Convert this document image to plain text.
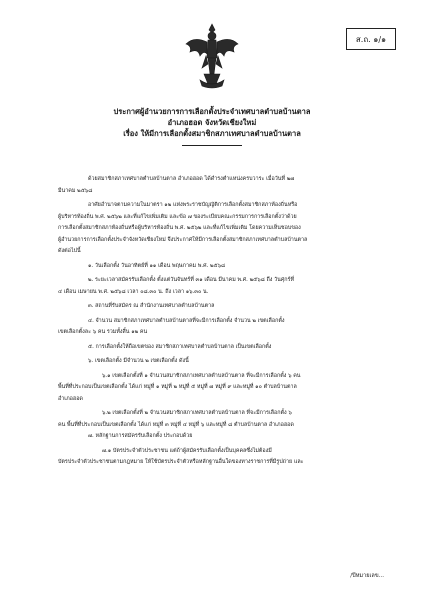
ส.ถ. ๑/๑
ประกาศผู้อำนวยการการเลือกตั้งประจำเทศบาลตำบลบ้านตาล
อำเภอฮอด จังหวัดเชียงใหม่
เรื่อง ให้มีการเลือกตั้งสมาชิกสภาเทศบาลตำบลบ้านตาล

ด้วยสมาชิกสภาเทศบาลตำบลบ้านตาล อำเภอฮอด ได้ดำรงตำแหน่งครบวาระ เมื่อวันที่ ๒๗

มีนาคม ๒๕๖๘

อาศัยอำนาจตามความในมาตรา ๑๒ แห่งพระราชบัญญัติการเลือกตั้งสมาชิกสภาท้องถิ่นหรือ

ผู้บริหารท้องถิ่น พ.ศ. ๒๕๖๒ และที่แก้ไขเพิ่มเติม และข้อ ๗ ของระเบียบคณะกรรมการการเลือกตั้งว่าด้วย

การเลือกตั้งสมาชิกสภาท้องถิ่นหรือผู้บริหารท้องถิ่น พ.ศ. ๒๕๖๒ และที่แก้ไขเพิ่มเติม โดยความเห็นชอบของ

ผู้อำนวยการการเลือกตั้งประจำจังหวัดเชียงใหม่ จึงประกาศให้มีการเลือกตั้งสมาชิกสภาเทศบาลตำบลบ้านตาล

ดังต่อไปนี้

๑. วันเลือกตั้ง วันอาทิตย์ที่ ๑๑ เดือน พฤษภาคม พ.ศ. ๒๕๖๘

๒. ระยะเวลาสมัครรับเลือกตั้ง ตั้งแต่วันจันทร์ที่ ๓๑ เดือน มีนาคม พ.ศ. ๒๕๖๘ ถึง วันศุกร์ที่

๔ เดือน เมษายน พ.ศ. ๒๕๖๘ เวลา ๐๘.๓๐ น. ถึง เวลา ๑๖.๓๐ น.

๓. สถานที่รับสมัคร ณ สำนักงานเทศบาลตำบลบ้านตาล

๔. จำนวน สมาชิกสภาเทศบาลตำบลบ้านตาลที่จะมีการเลือกตั้ง จำนวน ๒ เขตเลือกตั้ง

เขตเลือกตั้งละ ๖ คน รวมทั้งสิ้น ๑๒ คน

๕. การเลือกตั้งให้ถือเขตของ สมาชิกสภาเทศบาลตำบลบ้านตาล เป็นเขตเลือกตั้ง

๖. เขตเลือกตั้ง มีจำนวน ๒ เขตเลือกตั้ง ดังนี้

๖.๑ เขตเลือกตั้งที่ ๑ จำนวนสมาชิกสภาเทศบาลตำบลบ้านตาล ที่จะมีการเลือกตั้ง ๖ คน

พื้นที่ที่ประกอบเป็นเขตเลือกตั้ง ได้แก่ หมู่ที่ ๑ หมู่ที่ ๒ หมู่ที่ ๕ หมู่ที่ ๗ หมู่ที่ ๙ และหมู่ที่ ๑๐ ตำบลบ้านตาล

อำเภอฮอด

๖.๒ เขตเลือกตั้งที่ ๒ จำนวนสมาชิกสภาเทศบาลตำบลบ้านตาล ที่จะมีการเลือกตั้ง ๖

คน พื้นที่ที่ประกอบเป็นเขตเลือกตั้ง ได้แก่ หมู่ที่ ๓ หมู่ที่ ๔ หมู่ที่ ๖ และหมู่ที่ ๘ ตำบลบ้านตาล อำเภอฮอด

๗. หลักฐานการสมัครรับเลือกตั้ง ประกอบด้วย

๗.๑ บัตรประจำตัวประชาชน แต่ถ้าผู้สมัครรับเลือกตั้งเป็นบุคคลซึ่งไม่ต้องมี

บัตรประจำตัวประชาชนตามกฎหมาย ให้ใช้บัตรประจำตัวหรือหลักฐานอื่นใดของทางราชการที่มีรูปถ่าย และ

/ปีหมายเลข...
